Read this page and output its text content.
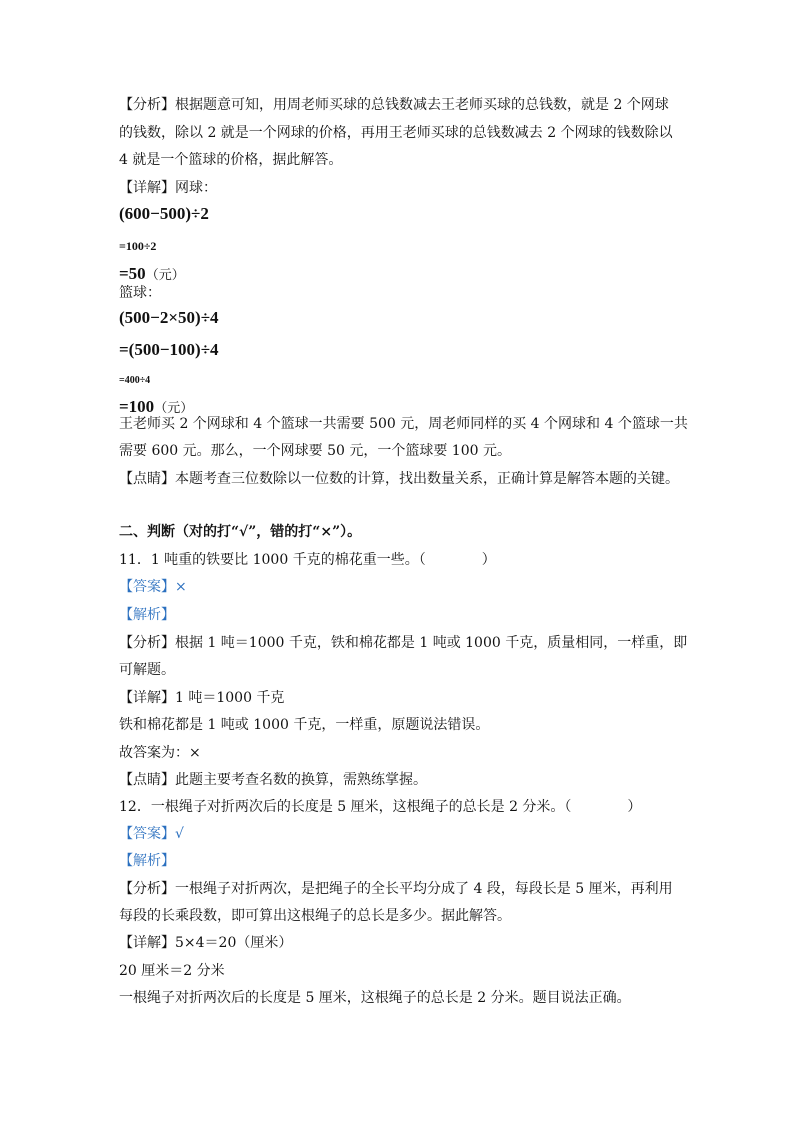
【分析】根据题意可知，用周老师买球的总钱数减去王老师买球的总钱数，就是 2 个网球
的钱数，除以 2 就是一个网球的价格，再用王老师买球的总钱数减去 2 个网球的钱数除以
4 就是一个篮球的价格，据此解答。
【详解】网球：
(600−500)÷2
=100÷2
=50（元）
篮球：
(500−2×50)÷4
=(500−100)÷4
=400÷4
=100（元）
王老师买 2 个网球和 4 个篮球一共需要 500 元，周老师同样的买 4 个网球和 4 个篮球一共
需要 600 元。那么，一个网球要 50 元，一个篮球要 100 元。
【点睛】本题考查三位数除以一位数的计算，找出数量关系，正确计算是解答本题的关键。
二、判断（对的打“√”，错的打“×”）。
11．1 吨重的铁要比 1000 千克的棉花重一些。（　　　　）
【答案】×
【解析】
【分析】根据 1 吨＝1000 千克，铁和棉花都是 1 吨或 1000 千克，质量相同，一样重，即
可解题。
【详解】1 吨＝1000 千克
铁和棉花都是 1 吨或 1000 千克，一样重，原题说法错误。
故答案为：×
【点睛】此题主要考查名数的换算，需熟练掌握。
12．一根绳子对折两次后的长度是 5 厘米，这根绳子的总长是 2 分米。（　　　　）
【答案】√
【解析】
【分析】一根绳子对折两次，是把绳子的全长平均分成了 4 段，每段长是 5 厘米，再利用
每段的长乘段数，即可算出这根绳子的总长是多少。据此解答。
【详解】5×4＝20（厘米）
20 厘米＝2 分米
一根绳子对折两次后的长度是 5 厘米，这根绳子的总长是 2 分米。题目说法正确。
